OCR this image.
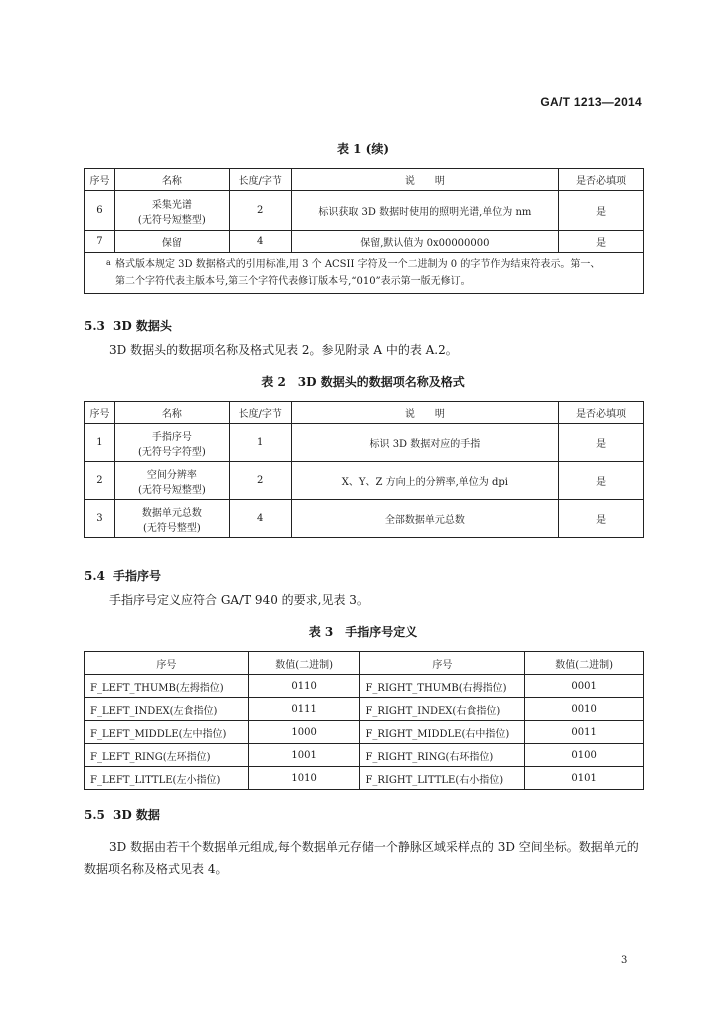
GA/T 1213—2014
表 1 (续)
序号	名称	长度/字节	说　　明	是否必填项
6	采集光谱
(无符号短整型)	2	标识获取 3D 数据时使用的照明光谱,单位为 nm	是
7	保留	4	保留,默认值为 0x00000000	是

a 格式版本规定 3D 数据格式的引用标准,用 3 个 ACSII 字符及一个二进制为 0 的字节作为结束符表示。第一、
第二个字符代表主版本号,第三个字符代表修订版本号,“010”表示第一版无修订。				
5.3 3D 数据头
3D 数据头的数据项名称及格式见表 2。参见附录 A 中的表 A.2。
表 2　3D 数据头的数据项名称及格式
序号	名称	长度/字节	说　　明	是否必填项
1	手指序号
(无符号字符型)	1	标识 3D 数据对应的手指	是
2	空间分辨率
(无符号短整型)	2	X、Y、Z 方向上的分辨率,单位为 dpi	是
3	数据单元总数
(无符号整型)	4	全部数据单元总数	是
5.4 手指序号
手指序号定义应符合 GA/T 940 的要求,见表 3。
表 3　手指序号定义
序号	数值(二进制)	序号	数值(二进制)
F_LEFT_THUMB(左拇指位)	0110	F_RIGHT_THUMB(右拇指位)	0001
F_LEFT_INDEX(左食指位)	0111	F_RIGHT_INDEX(右食指位)	0010
F_LEFT_MIDDLE(左中指位)	1000	F_RIGHT_MIDDLE(右中指位)	0011
F_LEFT_RING(左环指位)	1001	F_RIGHT_RING(右环指位)	0100
F_LEFT_LITTLE(左小指位)	1010	F_RIGHT_LITTLE(右小指位)	0101
5.5 3D 数据
3D 数据由若干个数据单元组成,每个数据单元存储一个静脉区域采样点的 3D 空间坐标。数据单元的数据项名称及格式见表 4。
3
